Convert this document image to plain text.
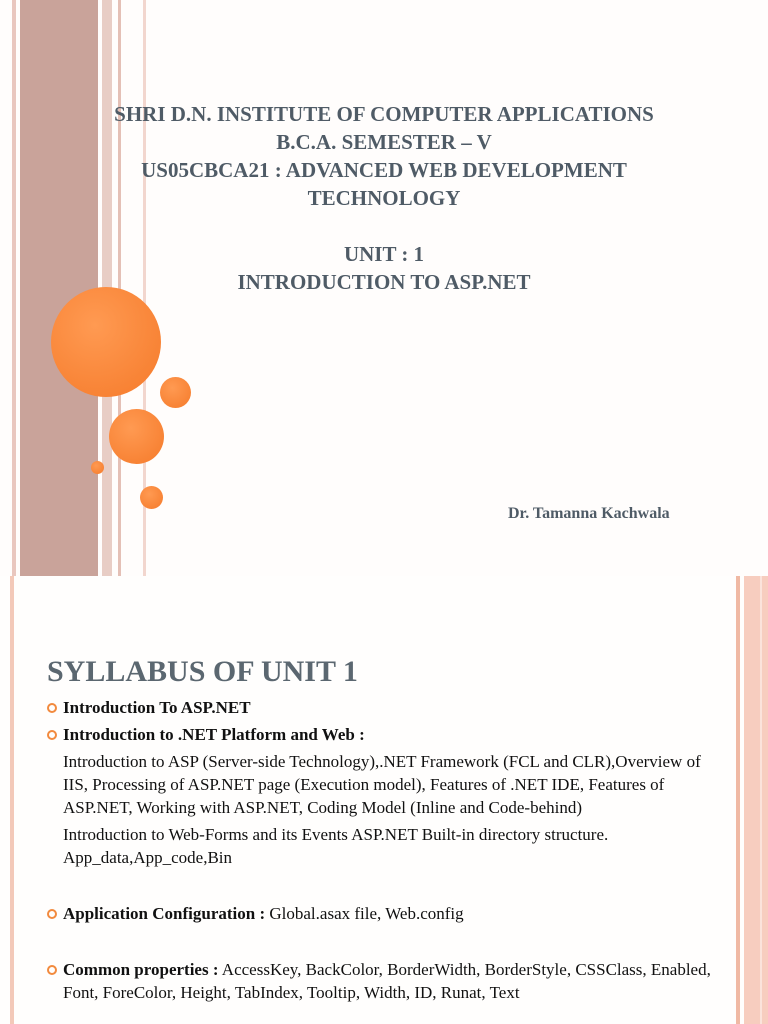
SHRI D.N. INSTITUTE OF COMPUTER APPLICATIONS
B.C.A. SEMESTER – V
US05CBCA21 : ADVANCED WEB DEVELOPMENT
TECHNOLOGY
UNIT : 1
INTRODUCTION TO ASP.NET
Dr. Tamanna Kachwala
SYLLABUS OF UNIT 1
Introduction To ASP.NET
Introduction to .NET Platform and Web :
Introduction to ASP (Server-side Technology),.NET Framework (FCL and CLR),Overview of IIS, Processing of ASP.NET page (Execution model), Features of .NET IDE, Features of ASP.NET, Working with ASP.NET, Coding Model (Inline and Code-behind)
Introduction to Web-Forms and its Events ASP.NET Built-in directory structure. App_data,App_code,Bin
Application Configuration : Global.asax file, Web.config
Common properties : AccessKey, BackColor, BorderWidth, BorderStyle, CSSClass, Enabled, Font, ForeColor, Height, TabIndex, Tooltip, Width, ID, Runat, Text
